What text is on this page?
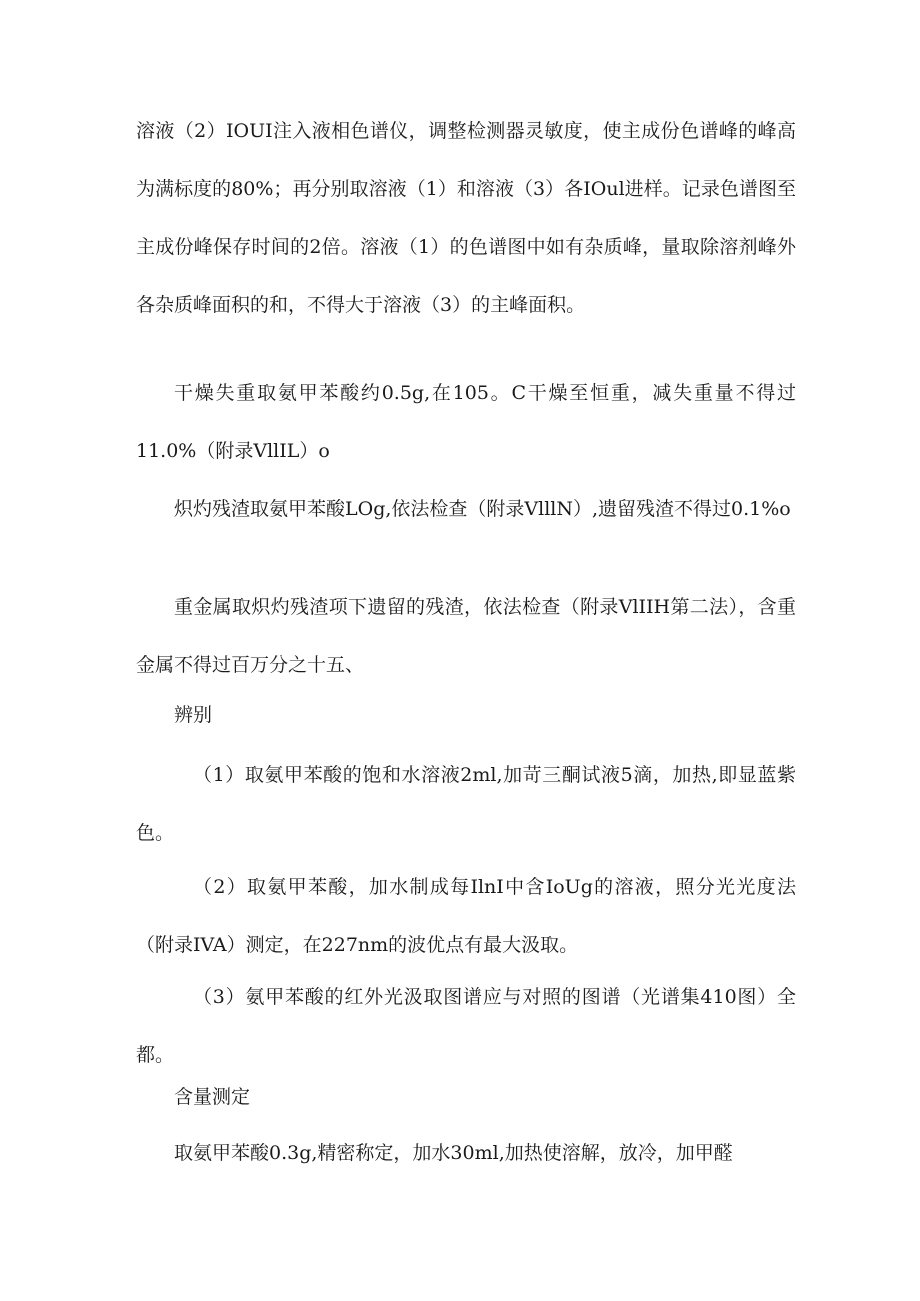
溶液（2）IOUI注入液相色谱仪，调整检测器灵敏度，使主成份色谱峰的峰高为满标度的80%；再分别取溶液（1）和溶液（3）各IOul进样。记录色谱图至主成份峰保存时间的2倍。溶液（1）的色谱图中如有杂质峰，量取除溶剂峰外各杂质峰面积的和，不得大于溶液（3）的主峰面积。

干燥失重取氨甲苯酸约0.5g,在105。C干燥至恒重，减失重量不得过11.0%（附录VllIL）o

炽灼残渣取氨甲苯酸LOg,依法检查（附录VlllN）,遗留残渣不得过0.1%o

重金属取炽灼残渣项下遗留的残渣，依法检查（附录VlIIH第二法），含重金属不得过百万分之十五、

辨别

（1）取氨甲苯酸的饱和水溶液2ml,加苛三酮试液5滴，加热,即显蓝紫色。

（2）取氨甲苯酸，加水制成每IlnI中含IoUg的溶液，照分光光度法（附录IVA）测定，在227nm的波优点有最大汲取。

（3）氨甲苯酸的红外光汲取图谱应与对照的图谱（光谱集410图）全都。

含量测定

取氨甲苯酸0.3g,精密称定，加水30ml,加热使溶解，放冷，加甲醛
